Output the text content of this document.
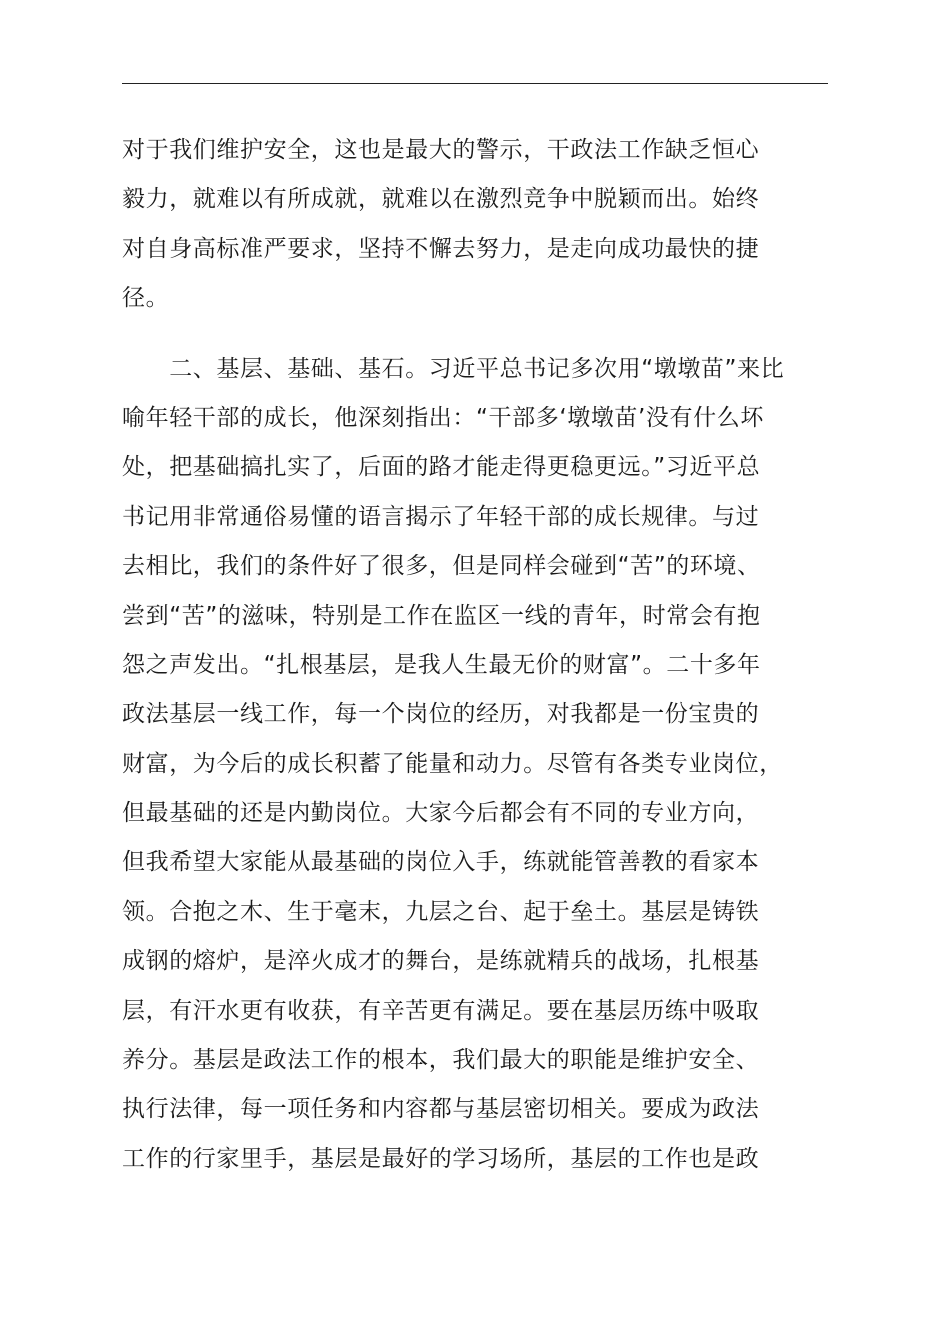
对于我们维护安全，这也是最大的警示，干政法工作缺乏恒心
毅力，就难以有所成就，就难以在激烈竞争中脱颖而出。始终
对自身高标准严要求，坚持不懈去努力，是走向成功最快的捷
径。
　　二、基层、基础、基石。习近平总书记多次用“墩墩苗”来比
喻年轻干部的成长，他深刻指出：“干部多‘墩墩苗’没有什么坏
处，把基础搞扎实了，后面的路才能走得更稳更远。”习近平总
书记用非常通俗易懂的语言揭示了年轻干部的成长规律。与过
去相比，我们的条件好了很多，但是同样会碰到“苦”的环境、
尝到“苦”的滋味，特别是工作在监区一线的青年，时常会有抱
怨之声发出。“扎根基层，是我人生最无价的财富”。二十多年
政法基层一线工作，每一个岗位的经历，对我都是一份宝贵的
财富，为今后的成长积蓄了能量和动力。尽管有各类专业岗位，
但最基础的还是内勤岗位。大家今后都会有不同的专业方向，
但我希望大家能从最基础的岗位入手，练就能管善教的看家本
领。合抱之木、生于毫末，九层之台、起于垒土。基层是铸铁
成钢的熔炉，是淬火成才的舞台，是练就精兵的战场，扎根基
层，有汗水更有收获，有辛苦更有满足。要在基层历练中吸取
养分。基层是政法工作的根本，我们最大的职能是维护安全、
执行法律，每一项任务和内容都与基层密切相关。要成为政法
工作的行家里手，基层是最好的学习场所，基层的工作也是政
